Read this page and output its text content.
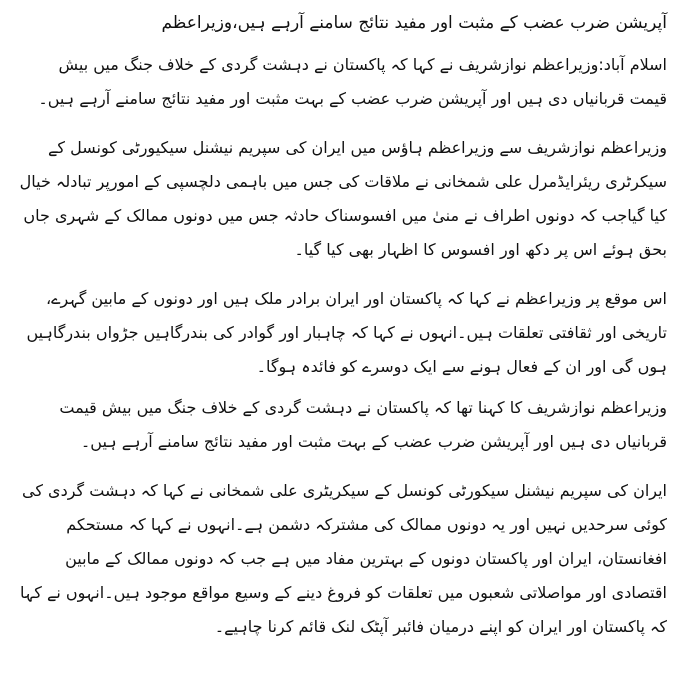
آپریشن ضرب عضب کے مثبت اور مفید نتائج سامنے آرہے ہیں،وزیراعظم

اسلام آباد:وزیراعظم نوازشریف نے کہا کہ پاکستان نے دہشت گردی کے خلاف جنگ میں بیش قیمت قربانیاں دی ہیں اور آپریشن ضرب عضب کے بہت مثبت اور مفید نتائج سامنے آرہے ہیں۔

وزیراعظم نوازشریف سے وزیراعظم ہاؤس میں ایران کی سپریم نیشنل سیکیورٹی کونسل کے سیکرٹری ریئرایڈمرل علی شمخانی نے ملاقات کی جس میں باہمی دلچسپی کے امورپر تبادلہ خیال کیا گیاجب کہ دونوں اطراف نے منیٰ میں افسوسناک حادثہ جس میں دونوں ممالک کے شہری جاں بحق ہوئے اس پر دکھ اور افسوس کا اظہار بھی کیا گیا۔

اس موقع پر وزیراعظم نے کہا کہ پاکستان اور ایران برادر ملک ہیں اور دونوں کے مابین گہرے، تاریخی اور ثقافتی تعلقات ہیں۔انہوں نے کہا کہ چاہبار اور گوادر کی بندرگاہیں جڑواں بندرگاہیں ہوں گی اور ان کے فعال ہونے سے ایک دوسرے کو فائدہ ہوگا۔

وزیراعظم نوازشریف کا کہنا تھا کہ پاکستان نے دہشت گردی کے خلاف جنگ میں بیش قیمت قربانیاں دی ہیں اور آپریشن ضرب عضب کے بہت مثبت اور مفید نتائج سامنے آرہے ہیں۔

ایران کی سپریم نیشنل سیکورٹی کونسل کے سیکریٹری علی شمخانی نے کہا کہ دہشت گردی کی کوئی سرحدیں نہیں اور یہ دونوں ممالک کی مشترکہ دشمن ہے۔انہوں نے کہا کہ مستحکم افغانستان، ایران اور پاکستان دونوں کے بہترین مفاد میں ہے جب کہ دونوں ممالک کے مابین اقتصادی اور مواصلاتی شعبوں میں تعلقات کو فروغ دینے کے وسیع مواقع موجود ہیں۔انہوں نے کہا کہ پاکستان اور ایران کو اپنے درمیان فائبر آپٹک لنک قائم کرنا چاہیے۔
